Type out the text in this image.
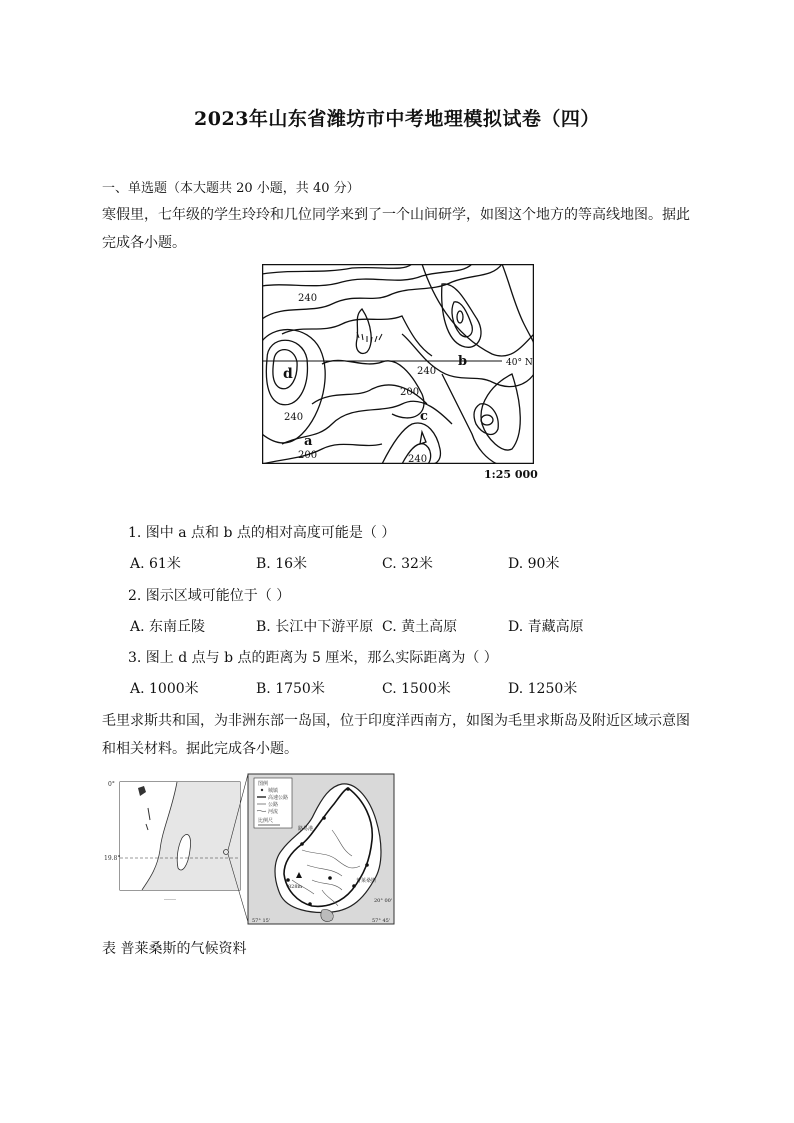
2023年山东省潍坊市中考地理模拟试卷（四）
一、单选题（本大题共 20 小题，共 40 分）
寒假里，七年级的学生玲玲和几位同学来到了一个山间研学，如图这个地方的等高线地图。据此
完成各小题。
240
b	40° N
d	240
200
c
240
a
200	240
1:25 000
1. 图中 a 点和 b 点的相对高度可能是（ ）
A. 61米	B. 16米	C. 32米	D. 90米
2. 图示区域可能位于（ ）
A. 东南丘陵	B. 长江中下游平原 C. 黄土高原	D. 青藏高原
3. 图上 d 点与 b 点的距离为 5 厘米，那么实际距离为（ ）
A. 1000米	B. 1750米	C. 1500米	D. 1250米
毛里求斯共和国，为非洲东部一岛国，位于印度洋西南方，如图为毛里求斯岛及附近区域示意图
和相关材料。据此完成各小题。
0°
19.8°
……
图例
城镇
高速公路
公路
河流
比例尺
路易港
普莱桑斯
828m
57° 15'	57° 45'
20° 00'
表 普莱桑斯的气候资料
